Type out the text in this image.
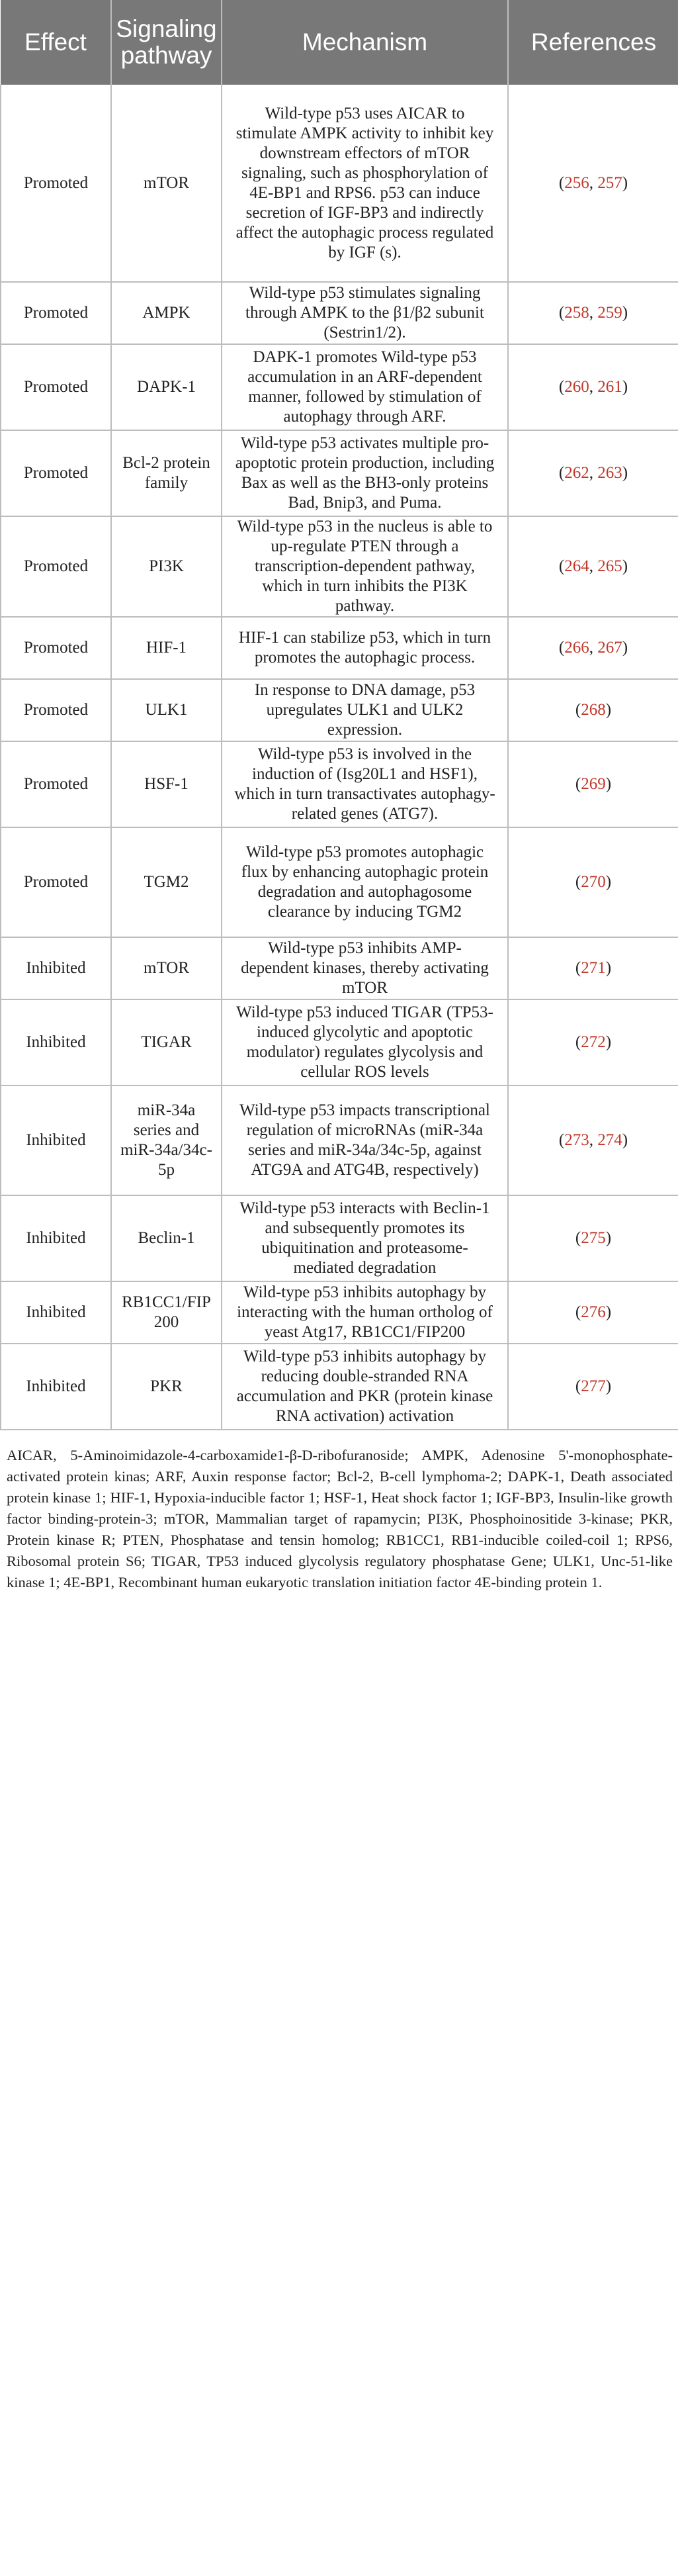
Effect	Signaling pathway	Mechanism	References
Promoted	mTOR	Wild-type p53 uses AICAR to stimulate AMPK activity to inhibit key downstream effectors of mTOR signaling, such as phosphorylation of 4E-BP1 and RPS6. p53 can induce secretion of IGF-BP3 and indirectly affect the autophagic process regulated by IGF (s).	(256, 257)
Promoted	AMPK	Wild-type p53 stimulates signaling through AMPK to the β1/β2 subunit (Sestrin1/2).	(258, 259)
Promoted	DAPK-1	DAPK-1 promotes Wild-type p53 accumulation in an ARF-dependent manner, followed by stimulation of autophagy through ARF.	(260, 261)
Promoted	Bcl-2 protein family	Wild-type p53 activates multiple pro-apoptotic protein production, including Bax as well as the BH3-only proteins Bad, Bnip3, and Puma.	(262, 263)
Promoted	PI3K	Wild-type p53 in the nucleus is able to up-regulate PTEN through a transcription-dependent pathway, which in turn inhibits the PI3K pathway.	(264, 265)
Promoted	HIF-1	HIF-1 can stabilize p53, which in turn promotes the autophagic process.	(266, 267)
Promoted	ULK1	In response to DNA damage, p53 upregulates ULK1 and ULK2 expression.	(268)
Promoted	HSF-1	Wild-type p53 is involved in the induction of (Isg20L1 and HSF1), which in turn transactivates autophagy-related genes (ATG7).	(269)
Promoted	TGM2	Wild-type p53 promotes autophagic flux by enhancing autophagic protein degradation and autophagosome clearance by inducing TGM2	(270)
Inhibited	mTOR	Wild-type p53 inhibits AMP-dependent kinases, thereby activating mTOR	(271)
Inhibited	TIGAR	Wild-type p53 induced TIGAR (TP53-induced glycolytic and apoptotic modulator) regulates glycolysis and cellular ROS levels	(272)
Inhibited	miR-34a series and miR-34a/34c-5p	Wild-type p53 impacts transcriptional regulation of microRNAs (miR-34a series and miR-34a/34c-5p, against ATG9A and ATG4B, respectively)	(273, 274)
Inhibited	Beclin-1	Wild-type p53 interacts with Beclin-1 and subsequently promotes its ubiquitination and proteasome-mediated degradation	(275)
Inhibited	RB1CC1/FIP200	Wild-type p53 inhibits autophagy by interacting with the human ortholog of yeast Atg17, RB1CC1/FIP200	(276)
Inhibited	PKR	Wild-type p53 inhibits autophagy by reducing double-stranded RNA accumulation and PKR (protein kinase RNA activation) activation	(277)
AICAR, 5-Aminoimidazole-4-carboxamide1-β-D-ribofuranoside; AMPK, Adenosine 5'-monophosphate-activated protein kinas; ARF, Auxin response factor; Bcl-2, B-cell lymphoma-2; DAPK-1, Death associated protein kinase 1; HIF-1, Hypoxia-inducible factor 1; HSF-1, Heat shock factor 1; IGF-BP3, Insulin-like growth factor binding-protein-3; mTOR, Mammalian target of rapamycin; PI3K, Phosphoinositide 3-kinase; PKR, Protein kinase R; PTEN, Phosphatase and tensin homolog; RB1CC1, RB1-inducible coiled-coil 1; RPS6, Ribosomal protein S6; TIGAR, TP53 induced glycolysis regulatory phosphatase Gene; ULK1, Unc-51-like kinase 1; 4E-BP1, Recombinant human eukaryotic translation initiation factor 4E-binding protein 1.
